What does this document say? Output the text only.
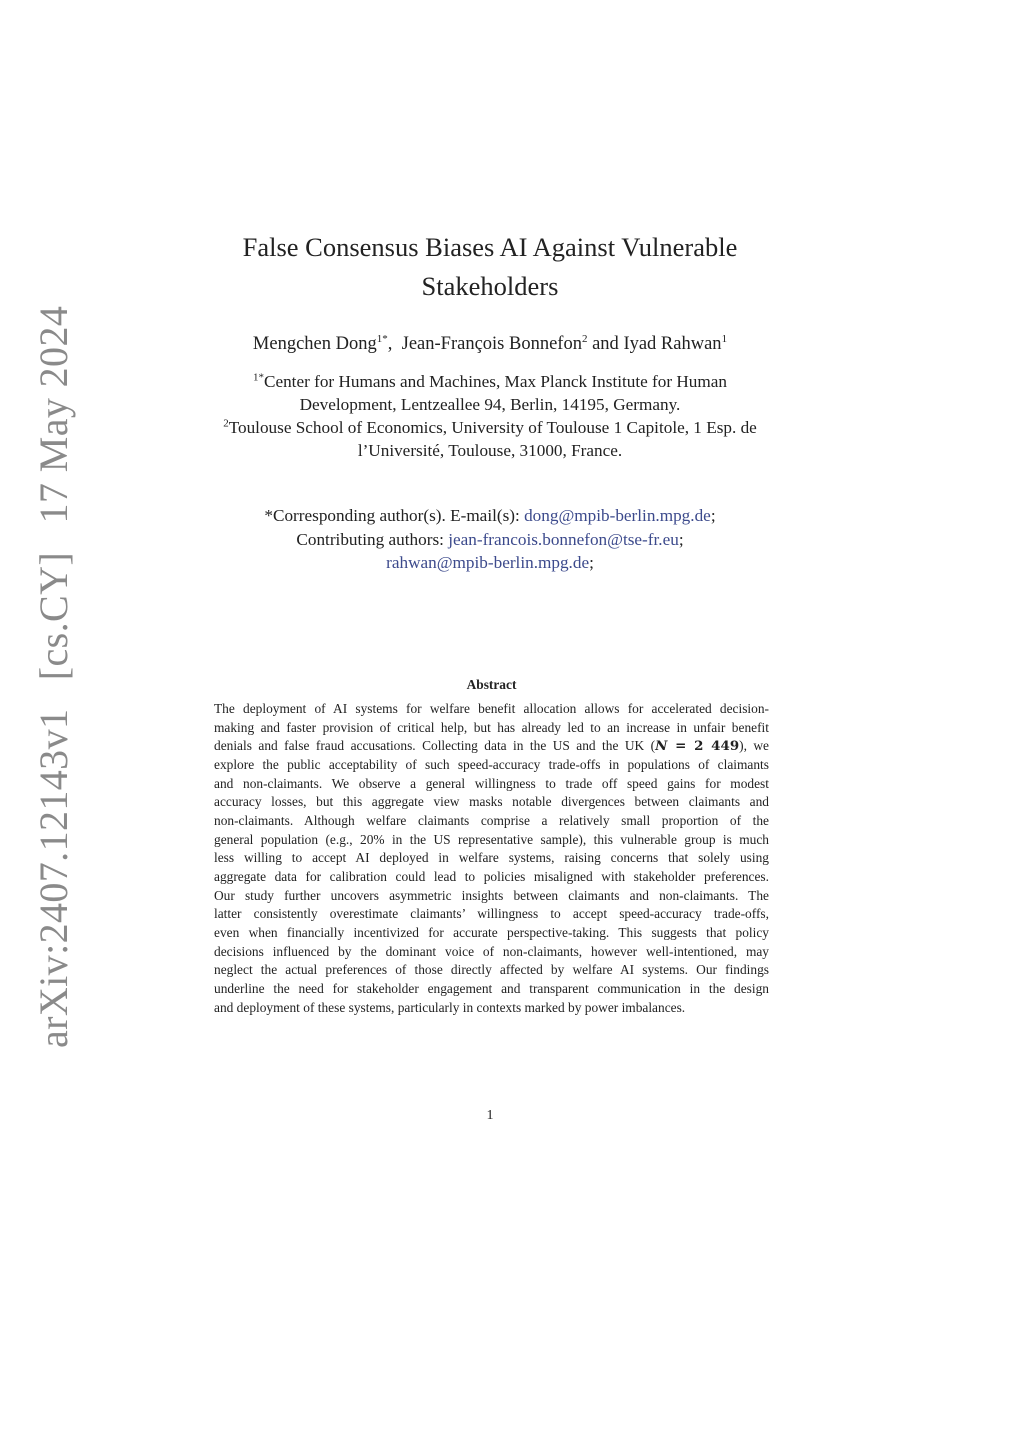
arXiv:2407.12143v1 [cs.CY] 17 May 2024
False Consensus Biases AI Against Vulnerable
Stakeholders
Mengchen Dong$^{1*}$, Jean-François Bonnefon$^2$ and Iyad Rahwan$^1$
$^{1*}$Center for Humans and Machines, Max Planck Institute for Human
Development, Lentzeallee 94, Berlin, 14195, Germany.
$^2$Toulouse School of Economics, University of Toulouse 1 Capitole, 1 Esp. de
l’Université, Toulouse, 31000, France.
*Corresponding author(s). E-mail(s): dong@mpib-berlin.mpg.de;
Contributing authors: jean-francois.bonnefon@tse-fr.eu;
rahwan@mpib-berlin.mpg.de;
Abstract
The deployment of AI systems for welfare benefit allocation allows for accelerated decision-
making and faster provision of critical help, but has already led to an increase in unfair benefit
denials and false fraud accusations. Collecting data in the US and the UK (N = 2 449), we
explore the public acceptability of such speed-accuracy trade-offs in populations of claimants
and non-claimants. We observe a general willingness to trade off speed gains for modest
accuracy losses, but this aggregate view masks notable divergences between claimants and
non-claimants. Although welfare claimants comprise a relatively small proportion of the
general population (e.g., 20% in the US representative sample), this vulnerable group is much
less willing to accept AI deployed in welfare systems, raising concerns that solely using
aggregate data for calibration could lead to policies misaligned with stakeholder preferences.
Our study further uncovers asymmetric insights between claimants and non-claimants. The
latter consistently overestimate claimants’ willingness to accept speed-accuracy trade-offs,
even when financially incentivized for accurate perspective-taking. This suggests that policy
decisions influenced by the dominant voice of non-claimants, however well-intentioned, may
neglect the actual preferences of those directly affected by welfare AI systems. Our findings
underline the need for stakeholder engagement and transparent communication in the design
and deployment of these systems, particularly in contexts marked by power imbalances.
1
